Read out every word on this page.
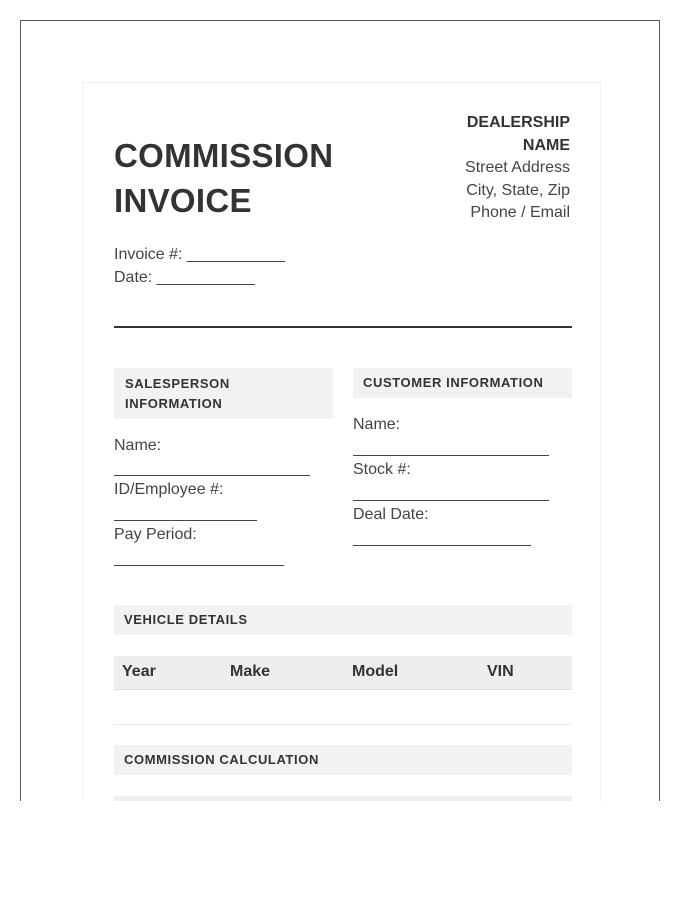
COMMISSION
INVOICE
DEALERSHIP NAME
Street Address
City, State, Zip
Phone / Email
Invoice #: ___________
Date: ___________
SALESPERSON INFORMATION
Name:
ID/Employee #:
Pay Period:
CUSTOMER INFORMATION
Name:
Stock #:
Deal Date:
VEHICLE DETAILS
Year	Make	Model	VIN
COMMISSION CALCULATION
